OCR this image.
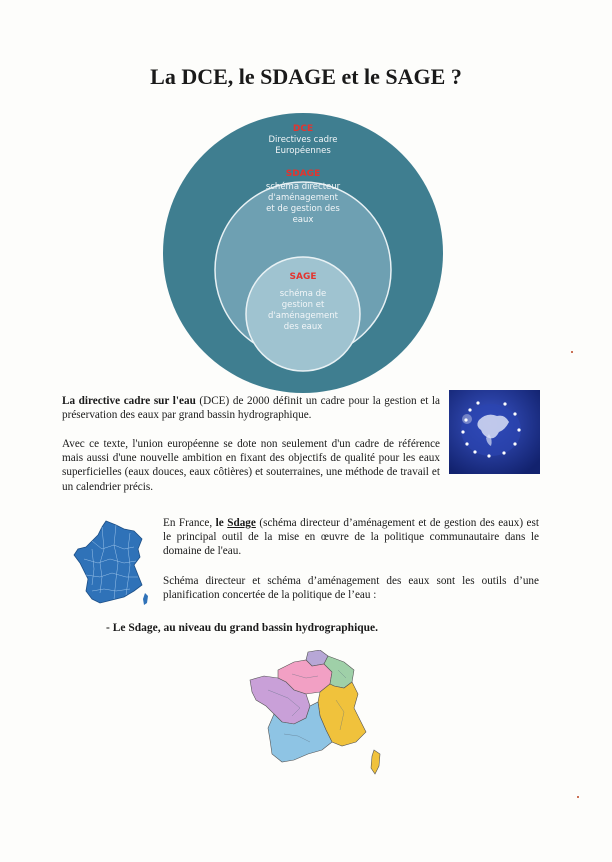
La DCE, le SDAGE et le SAGE ?
DCE
Directives cadre
Européennes
SDAGE
schéma directeur
d'aménagement
et de gestion des
eaux
SAGE
schéma de
gestion et
d'aménagement
des eaux
La directive cadre sur l'eau (DCE) de 2000 définit un cadre pour la gestion et la préservation des eaux par grand bassin hydrographique.
Avec ce texte, l'union européenne se dote non seulement d'un cadre de référence mais aussi d'une nouvelle ambition en fixant des objectifs de qualité pour les eaux superficielles (eaux douces, eaux côtières) et souterraines, une méthode de travail et un calendrier précis.
En France, le Sdage (schéma directeur d’aménagement et de gestion des eaux) est le principal outil de la mise en œuvre de la politique communautaire dans le domaine de l'eau.
Schéma directeur et schéma d’aménagement des eaux sont les outils d’une planification concertée de la politique de l’eau :
- Le Sdage, au niveau du grand bassin hydrographique.
